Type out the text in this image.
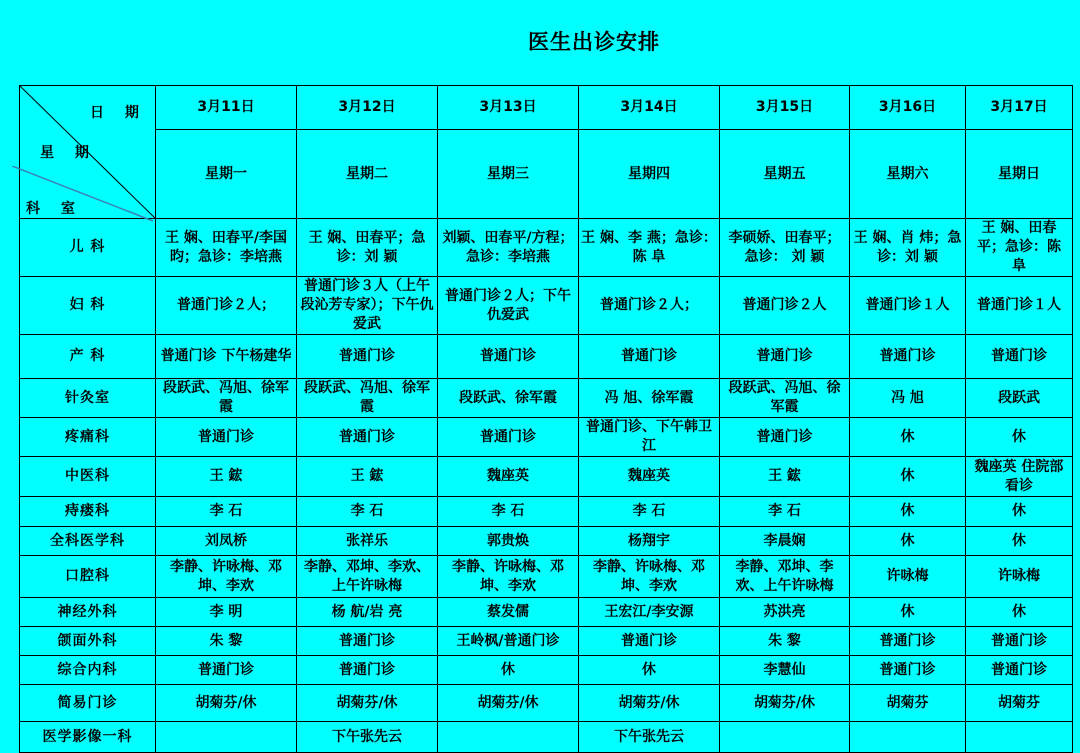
医生出诊安排
日 期
星 期
科 室	3月11日	3月12日	3月13日	3月14日	3月15日	3月16日	3月17日
	星期一	星期二	星期三	星期四	星期五	星期六	星期日
儿 科	王 娴、田春平/李国昀；急诊：李培燕	王 娴、田春平；急诊：刘 颖	刘颖、田春平/方程；急诊：李培燕	王 娴、李 燕；急诊：陈 阜	李硕娇、田春平；急诊： 刘 颖	王 娴、肖 炜；急诊：刘 颖	王 娴、田春平；急诊：陈 阜
妇 科	普通门诊２人；	普通门诊３人（上午段沁芳专家）；下午仇爱武	普通门诊２人；下午仇爱武	普通门诊２人；	普通门诊２人	普通门诊１人	普通门诊１人
产 科	普通门诊 下午杨建华	普通门诊	普通门诊	普通门诊	普通门诊	普通门诊	普通门诊
针灸室	段跃武、冯旭、徐军霞	段跃武、冯旭、徐军霞	段跃武、徐军霞	冯 旭、徐军霞	段跃武、冯旭、徐军霞	冯 旭	段跃武
疼痛科	普通门诊	普通门诊	普通门诊	普通门诊、下午韩卫江	普通门诊	休	休
中医科	王 鋐	王 鋐	魏座英	魏座英	王 鋐	休	魏座英 住院部看诊
痔瘘科	李 石	李 石	李 石	李 石	李 石	休	休
全科医学科	刘凤桥	张祥乐	郭贵焕	杨翔宇	李晨娴	休	休
口腔科	李静、许咏梅、邓坤、李欢	李静、邓坤、李欢、上午许咏梅	李静、许咏梅、邓坤、李欢	李静、许咏梅、邓坤、李欢	李静、邓坤、李欢、上午许咏梅	许咏梅	许咏梅
神经外科	李 明	杨 航/岩 亮	蔡发儒	王宏江/李安源	苏洪亮	休	休
颌面外科	朱 黎	普通门诊	王岭枫/普通门诊	普通门诊	朱 黎	普通门诊	普通门诊
综合内科	普通门诊	普通门诊	休	休	李慧仙	普通门诊	普通门诊
简易门诊	胡菊芬/休	胡菊芬/休	胡菊芬/休	胡菊芬/休	胡菊芬/休	胡菊芬	胡菊芬
医学影像一科		下午张先云		下午张先云			
